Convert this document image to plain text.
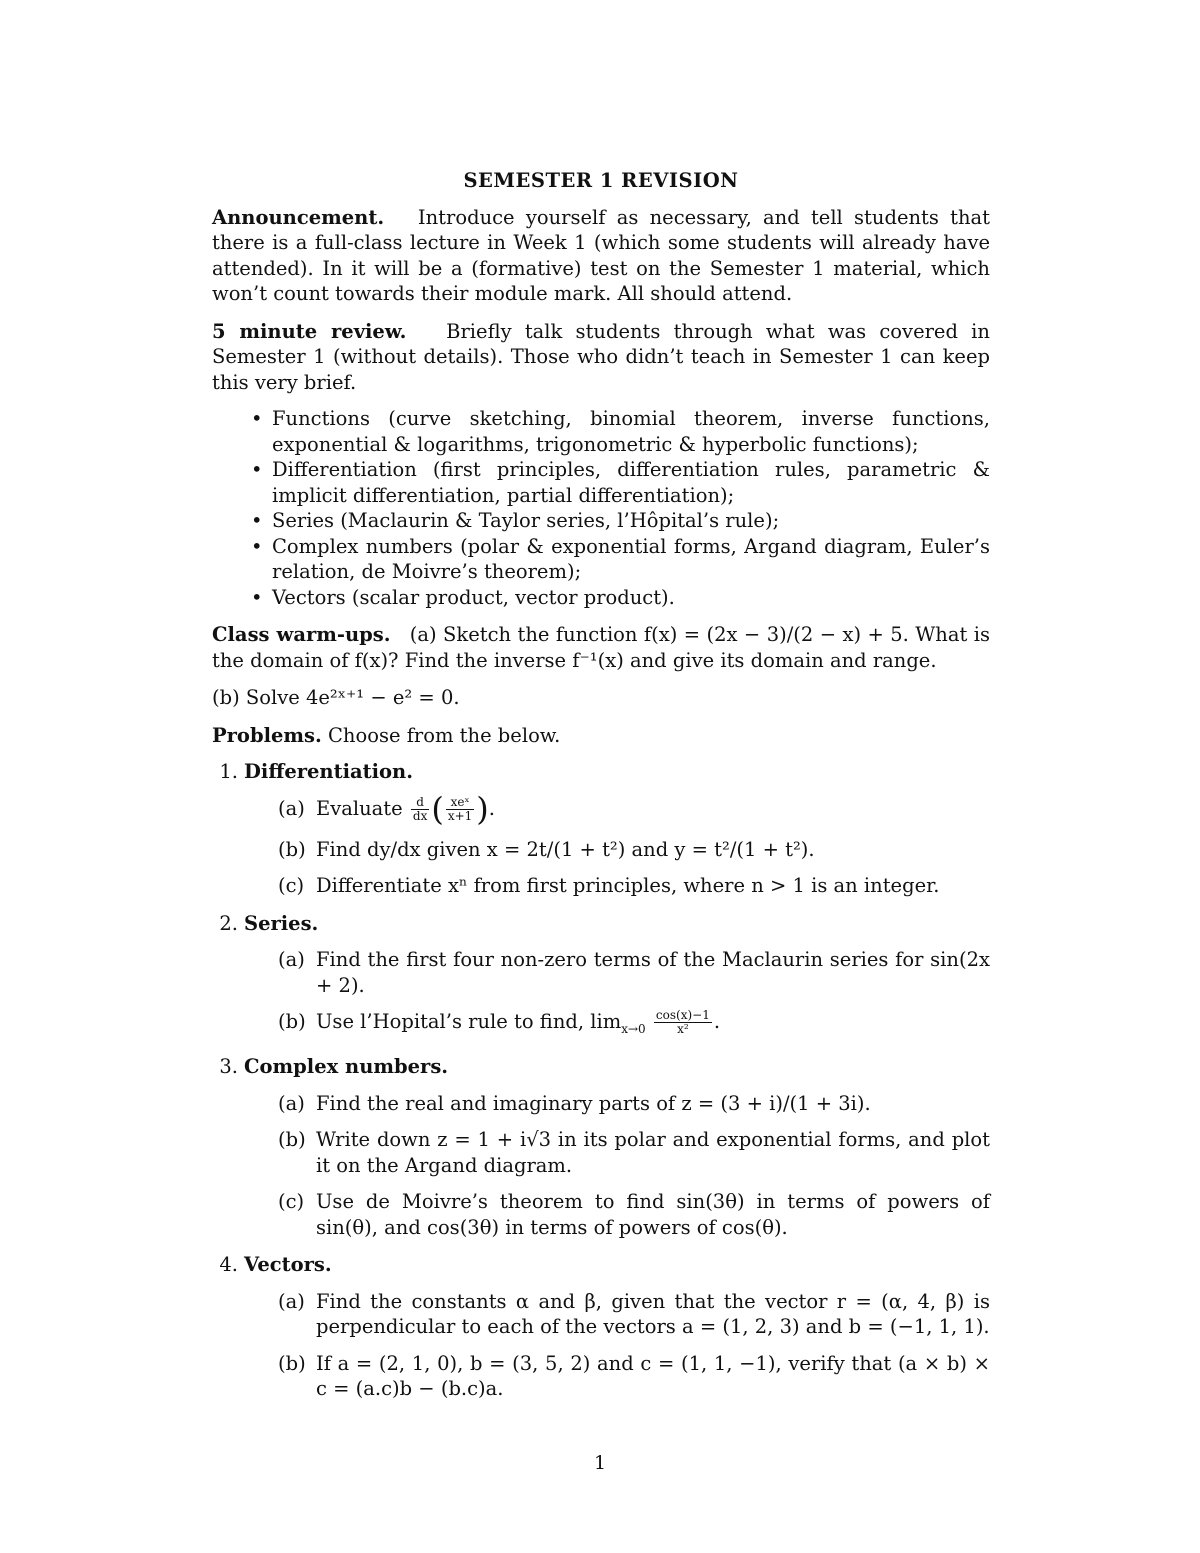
SEMESTER 1 REVISION

Announcement. Introduce yourself as necessary, and tell students that there is a full-class lecture in Week 1 (which some students will already have attended). In it will be a (formative) test on the Semester 1 material, which won’t count towards their module mark. All should attend.

5 minute review. Briefly talk students through what was covered in Semester 1 (without details). Those who didn’t teach in Semester 1 can keep this very brief.

• Functions (curve sketching, binomial theorem, inverse functions, exponential & logarithms, trigonometric & hyperbolic functions);
• Differentiation (first principles, differentiation rules, parametric & implicit differentiation, partial differentiation);
• Series (Maclaurin & Taylor series, l’Hôpital’s rule);
• Complex numbers (polar & exponential forms, Argand diagram, Euler’s relation, de Moivre’s theorem);
• Vectors (scalar product, vector product).

Class warm-ups. (a) Sketch the function f(x) = (2x − 3)/(2 − x) + 5. What is the domain of f(x)? Find the inverse f⁻¹(x) and give its domain and range.

(b) Solve 4e²ˣ⁺¹ − e² = 0.

Problems. Choose from the below.

1. Differentiation.
(a) Evaluate $\frac{d}{dx}$ ( $\frac{\text{xeˣ}}{x+1}$ ).
(b) Find dy/dx given x = 2t/(1 + t²) and y = t²/(1 + t²).
(c) Differentiate xⁿ from first principles, where n > 1 is an integer.
2. Series.
(a) Find the first four non-zero terms of the Maclaurin series for sin(2x + 2).
(b) Use l’Hopital’s rule to find, $\lim_{x\to 0} \frac{\cos(x)-1}{\text{x²}}$ .
3. Complex numbers.
(a) Find the real and imaginary parts of z = (3 + i)/(1 + 3i).
(b) Write down z = 1 + i√3 in its polar and exponential forms, and plot it on the Argand diagram.
(c) Use de Moivre’s theorem to find sin(3θ) in terms of powers of sin(θ), and cos(3θ) in terms of powers of cos(θ).
4. Vectors.
(a) Find the constants α and β, given that the vector r = (α, 4, β) is perpendicular to each of the vectors a = (1, 2, 3) and b = (−1, 1, 1).
(b) If a = (2, 1, 0), b = (3, 5, 2) and c = (1, 1, −1), verify that (a × b) × c = (a.c)b − (b.c)a.
1
